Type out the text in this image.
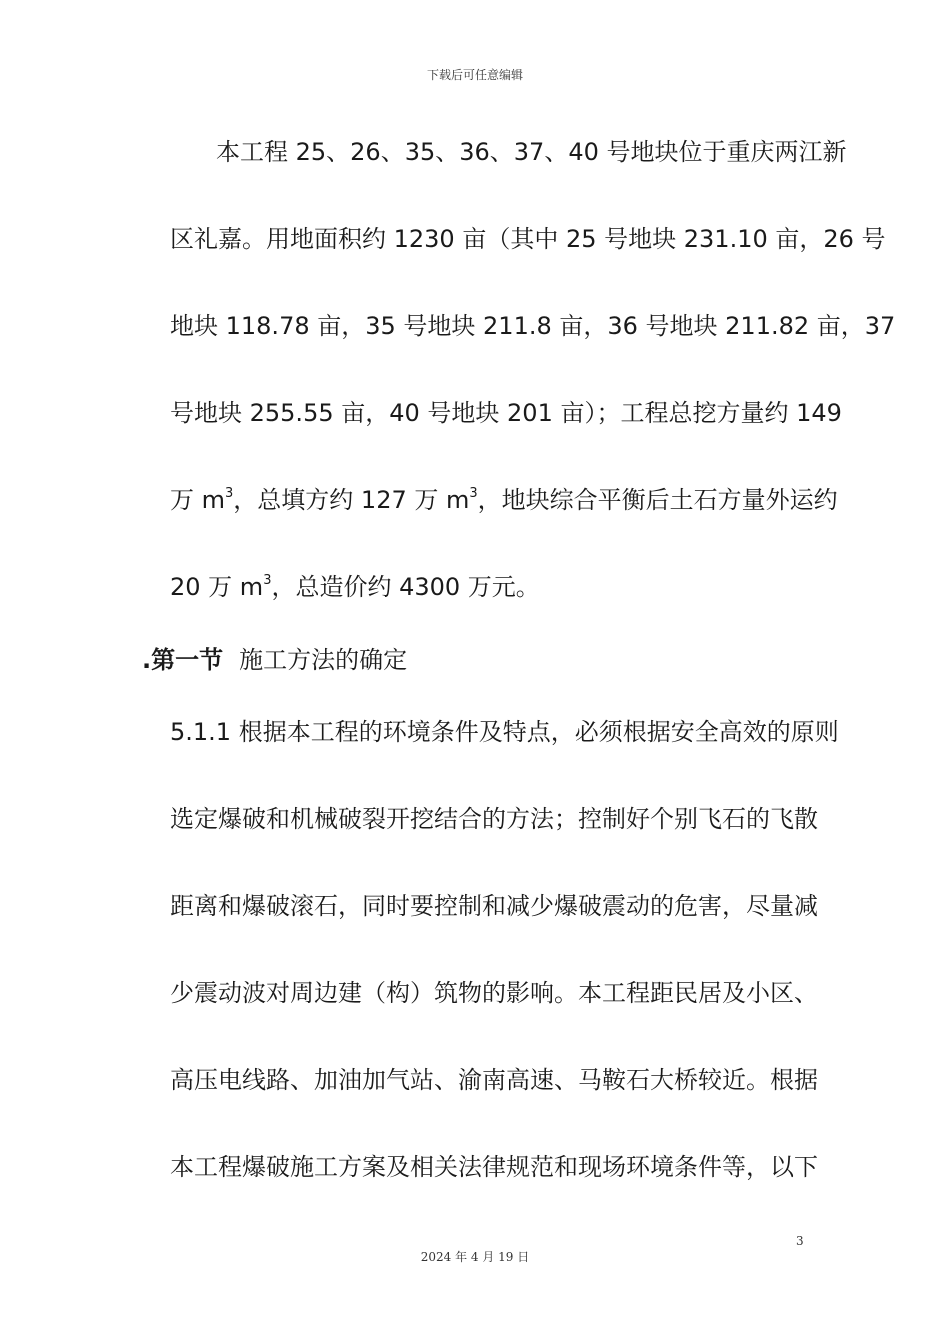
下载后可任意编辑
本工程 25、26、35、36、37、40 号地块位于重庆两江新
区礼嘉。用地面积约 1230 亩（其中 25 号地块 231.10 亩，26 号
地块 118.78 亩，35 号地块 211.8 亩，36 号地块 211.82 亩，37
号地块 255.55 亩，40 号地块 201 亩）；工程总挖方量约 149
万 $m^3$，总填方约 127 万 $m^3$，地块综合平衡后土石方量外运约
20 万 $m^3$，总造价约 4300 万元。
.第一节 施工方法的确定
5.1.1 根据本工程的环境条件及特点，必须根据安全高效的原则
选定爆破和机械破裂开挖结合的方法；控制好个别飞石的飞散
距离和爆破滚石，同时要控制和减少爆破震动的危害，尽量减
少震动波对周边建（构）筑物的影响。本工程距民居及小区、
高压电线路、加油加气站、渝南高速、马鞍石大桥较近。根据
本工程爆破施工方案及相关法律规范和现场环境条件等，以下
3
2024 年 4 月 19 日
